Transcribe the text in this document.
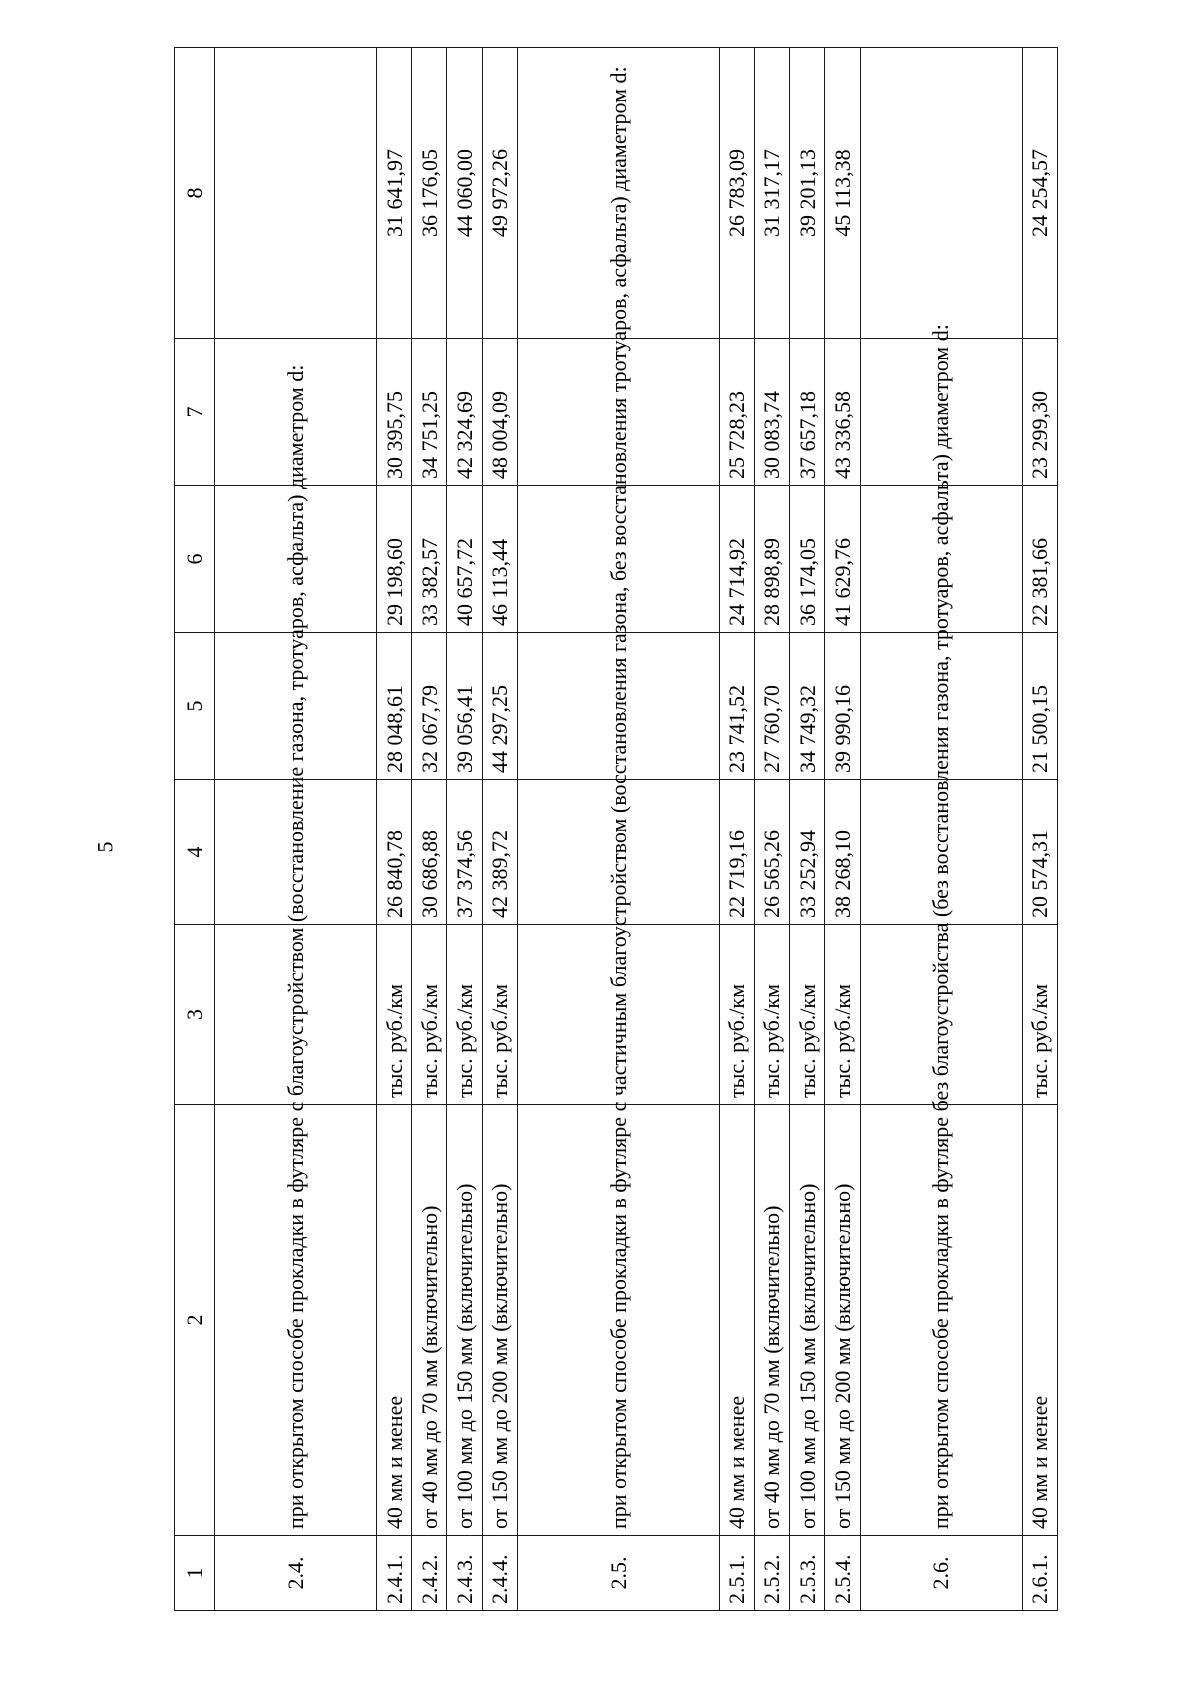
5
1	2	3	4	5	6	7	8
2.4.	при открытом способе прокладки в футляре с благоустройством (восстановление газона, тротуаров, асфальта) диаметром d:						
2.4.1.	40 мм и менее	тыс. руб./км	26 840,78	28 048,61	29 198,60	30 395,75	31 641,97
2.4.2.	от 40 мм до 70 мм (включительно)	тыс. руб./км	30 686,88	32 067,79	33 382,57	34 751,25	36 176,05
2.4.3.	от 100 мм до 150 мм (включительно)	тыс. руб./км	37 374,56	39 056,41	40 657,72	42 324,69	44 060,00
2.4.4.	от 150 мм до 200 мм (включительно)	тыс. руб./км	42 389,72	44 297,25	46 113,44	48 004,09	49 972,26
2.5.	при открытом способе прокладки в футляре с частичным благоустройством (восстановления газона, без восстановления тротуаров, асфальта) диаметром d:						
2.5.1.	40 мм и менее	тыс. руб./км	22 719,16	23 741,52	24 714,92	25 728,23	26 783,09
2.5.2.	от 40 мм до 70 мм (включительно)	тыс. руб./км	26 565,26	27 760,70	28 898,89	30 083,74	31 317,17
2.5.3.	от 100 мм до 150 мм (включительно)	тыс. руб./км	33 252,94	34 749,32	36 174,05	37 657,18	39 201,13
2.5.4.	от 150 мм до 200 мм (включительно)	тыс. руб./км	38 268,10	39 990,16	41 629,76	43 336,58	45 113,38
2.6.	при открытом способе прокладки в футляре без благоустройства (без восстановления газона, тротуаров, асфальта) диаметром d:						
2.6.1.	40 мм и менее	тыс. руб./км	20 574,31	21 500,15	22 381,66	23 299,30	24 254,57
